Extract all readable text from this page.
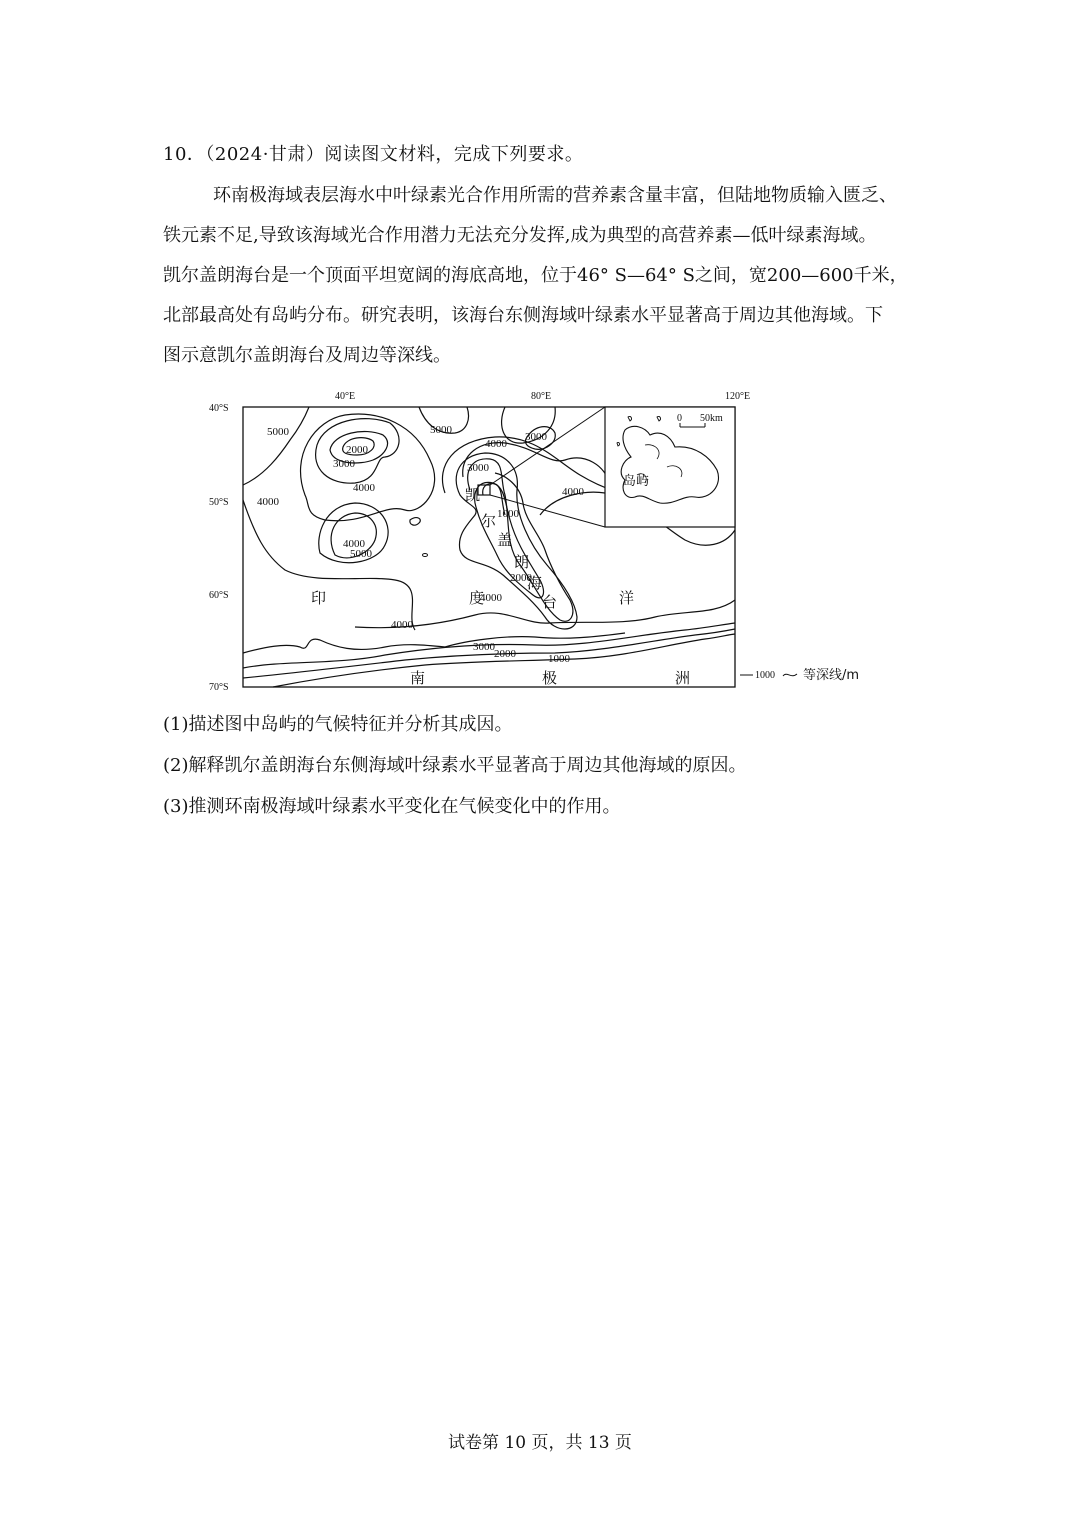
10．（2024·甘肃）阅读图文材料，完成下列要求。
环南极海域表层海水中叶绿素光合作用所需的营养素含量丰富，但陆地物质输入匮乏、
铁元素不足,导致该海域光合作用潜力无法充分发挥,成为典型的高营养素—低叶绿素海域。
凯尔盖朗海台是一个顶面平坦宽阔的海底高地，位于46° S—64° S之间，宽200—600千米，
北部最高处有岛屿分布。研究表明，该海台东侧海域叶绿素水平显著高于周边其他海域。下
图示意凯尔盖朗海台及周边等深线。
40°E	80°E	120°E
40°S
50°S
60°S
70°S
0 50km
岛屿
5000	5000
4000
3000
2000
3000
4000
3000
4000
4000
4000
5000
1000
2000
4000
4000
3000
2000	1000
凯
尔
盖
朗
海
台
印	度	洋
南	极	洲	1000 等深线/m
(1)描述图中岛屿的气候特征并分析其成因。
(2)解释凯尔盖朗海台东侧海域叶绿素水平显著高于周边其他海域的原因。
(3)推测环南极海域叶绿素水平变化在气候变化中的作用。
试卷第 10 页，共 13 页
